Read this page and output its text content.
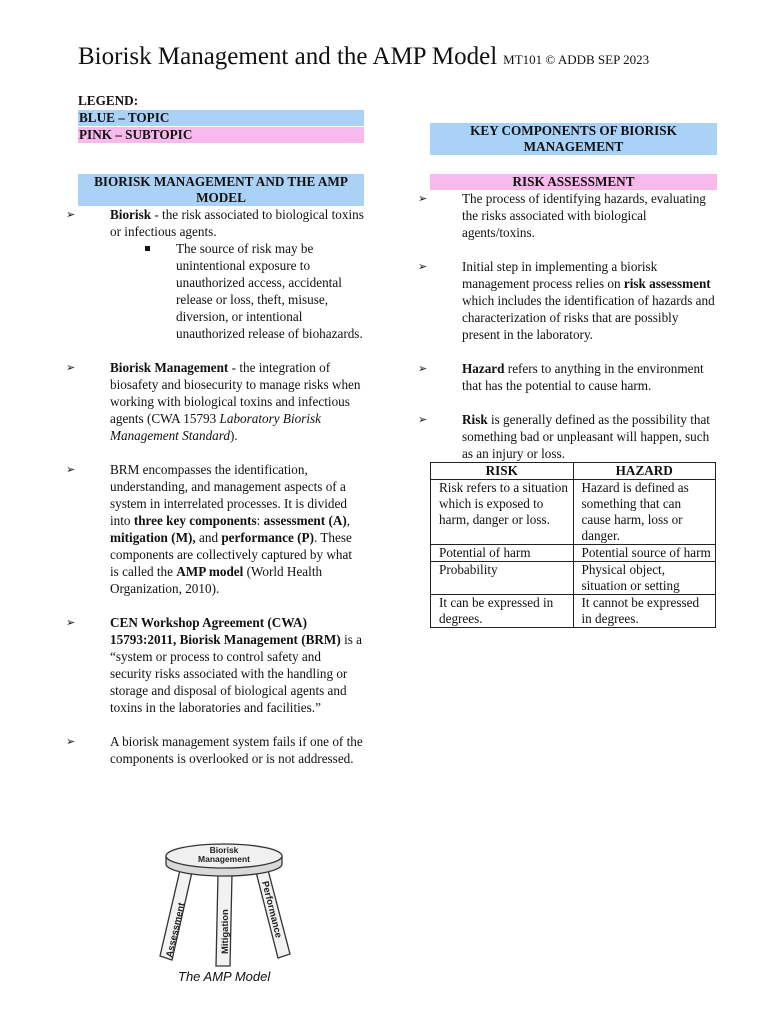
Biorisk Management and the AMP Model MT101 © ADDB SEP 2023
LEGEND:
BLUE – TOPIC
PINK – SUBTOPIC
BIORISK MANAGEMENT AND THE AMP MODEL
➢	Biorisk - the risk associated to biological toxins or infectious agents.
The source of risk may be unintentional exposure to unauthorized access, accidental release or loss, theft, misuse, diversion, or intentional unauthorized release of biohazards.
➢	Biorisk Management - the integration of biosafety and biosecurity to manage risks when working with biological toxins and infectious agents (CWA 15793 Laboratory Biorisk Management Standard).
➢	BRM encompasses the identification, understanding, and management aspects of a system in interrelated processes. It is divided into three key components: assessment (A), mitigation (M), and performance (P). These components are collectively captured by what is called the AMP model (World Health Organization, 2010).
➢	CEN Workshop Agreement (CWA) 15793:2011, Biorisk Management (BRM) is a “system or process to control safety and security risks associated with the handling or storage and disposal of biological agents and toxins in the laboratories and facilities.”
➢	A biorisk management system fails if one of the components is overlooked or is not addressed.
Biorisk
Management
Assessment	Mitigation	Performance
The AMP Model
KEY COMPONENTS OF BIORISK MANAGEMENT
RISK ASSESSMENT
➢	The process of identifying hazards, evaluating the risks associated with biological agents/toxins.
➢	Initial step in implementing a biorisk management process relies on risk assessment which includes the identification of hazards and characterization of risks that are possibly present in the laboratory.
➢	Hazard refers to anything in the environment that has the potential to cause harm.
➢	Risk is generally defined as the possibility that something bad or unpleasant will happen, such as an injury or loss.
RISK	HAZARD
Risk refers to a situation which is exposed to harm, danger or loss.	Hazard is defined as something that can cause harm, loss or danger.
Potential of harm	Potential source of harm
Probability	Physical object, situation or setting
It can be expressed in degrees.	It cannot be expressed in degrees.
